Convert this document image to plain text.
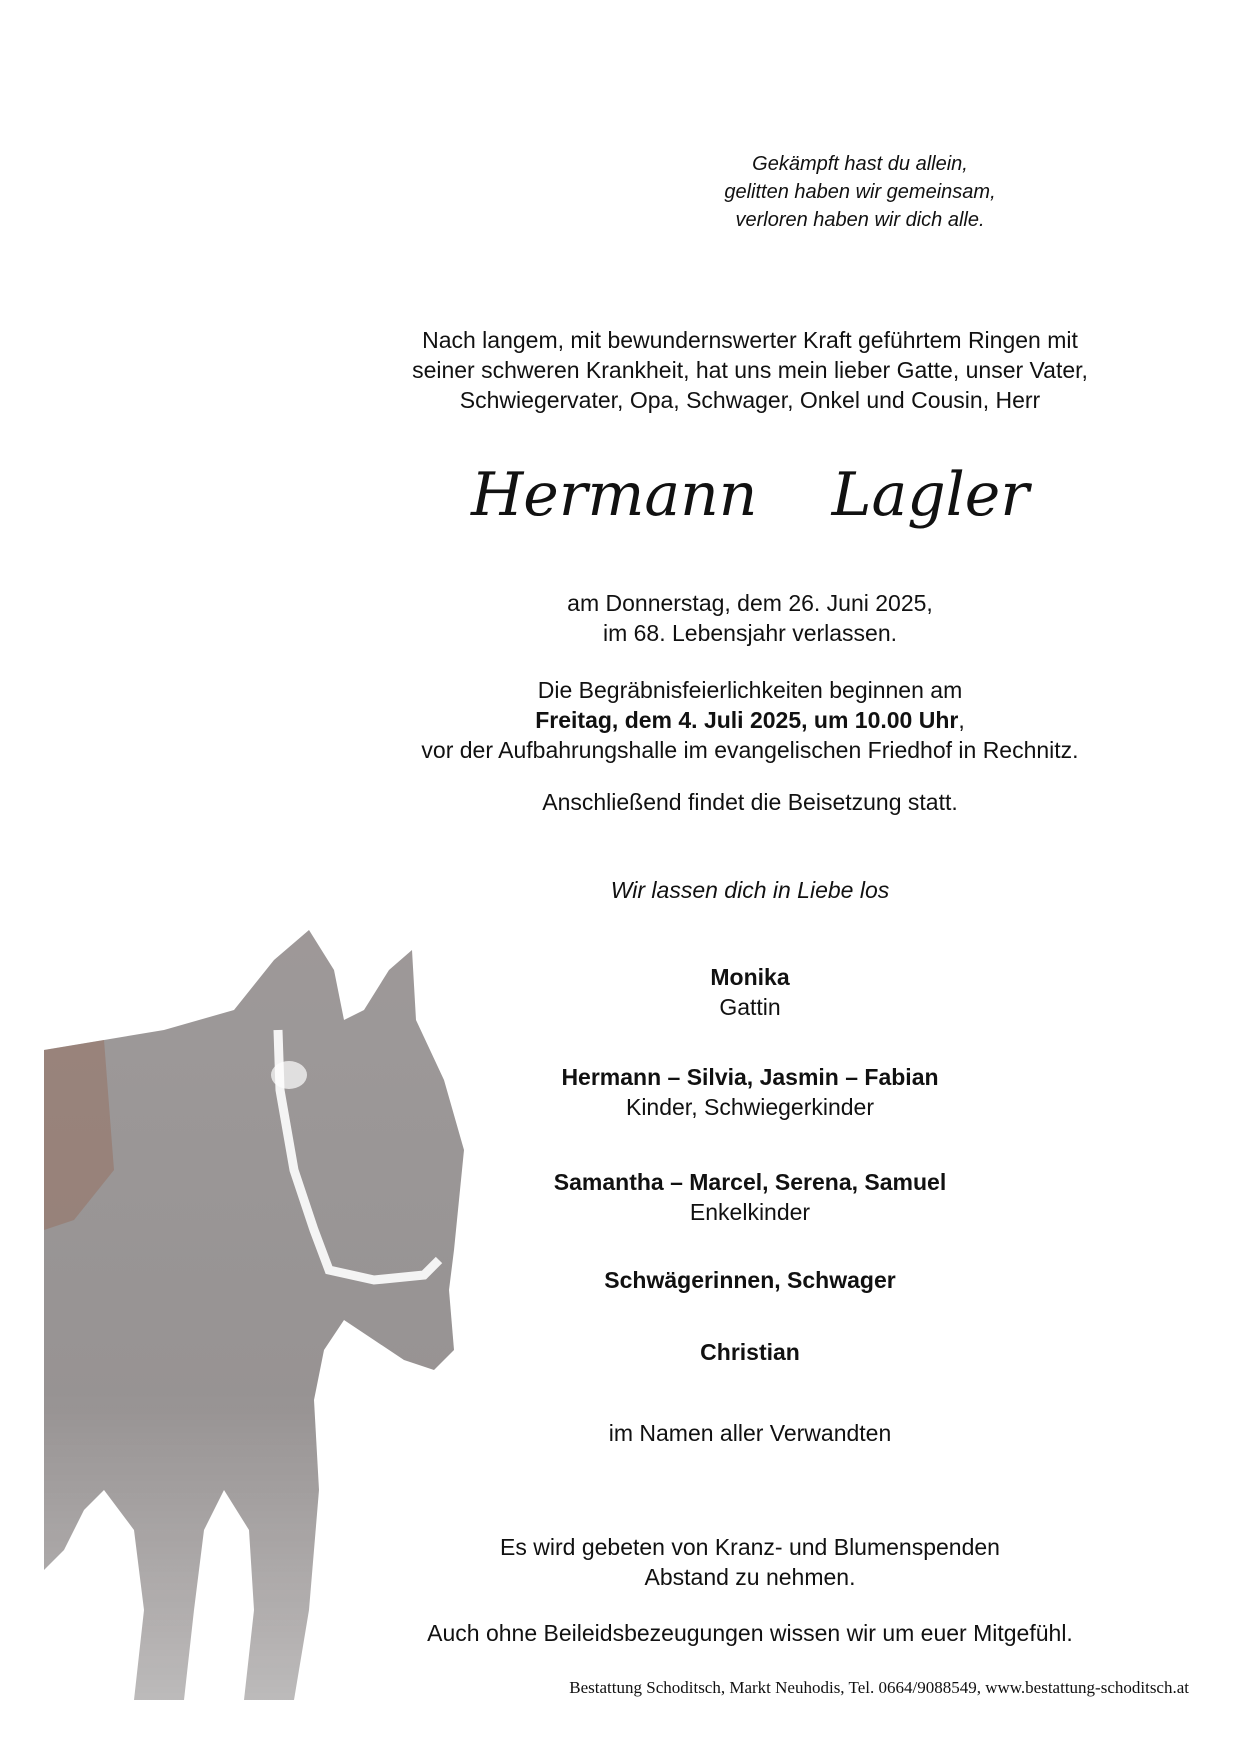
Gekämpft hast du allein,
gelitten haben wir gemeinsam,
verloren haben wir dich alle.
Nach langem, mit bewundernswerter Kraft geführtem Ringen mit
seiner schweren Krankheit, hat uns mein lieber Gatte, unser Vater,
Schwiegervater, Opa, Schwager, Onkel und Cousin, Herr
Hermann  Lagler
am Donnerstag, dem 26. Juni 2025,
im 68. Lebensjahr verlassen.
Die Begräbnisfeierlichkeiten beginnen am
Freitag, dem 4. Juli 2025, um 10.00 Uhr,
vor der Aufbahrungshalle im evangelischen Friedhof in Rechnitz.
Anschließend findet die Beisetzung statt.
Wir lassen dich in Liebe los
Monika
Gattin
Hermann – Silvia, Jasmin – Fabian
Kinder, Schwiegerkinder
Samantha – Marcel, Serena, Samuel
Enkelkinder
Schwägerinnen, Schwager
Christian
im Namen aller Verwandten
Es wird gebeten von Kranz- und Blumenspenden
Abstand zu nehmen.
Auch ohne Beileidsbezeugungen wissen wir um euer Mitgefühl.
Bestattung Schoditsch, Markt Neuhodis, Tel. 0664/9088549, www.bestattung-schoditsch.at
